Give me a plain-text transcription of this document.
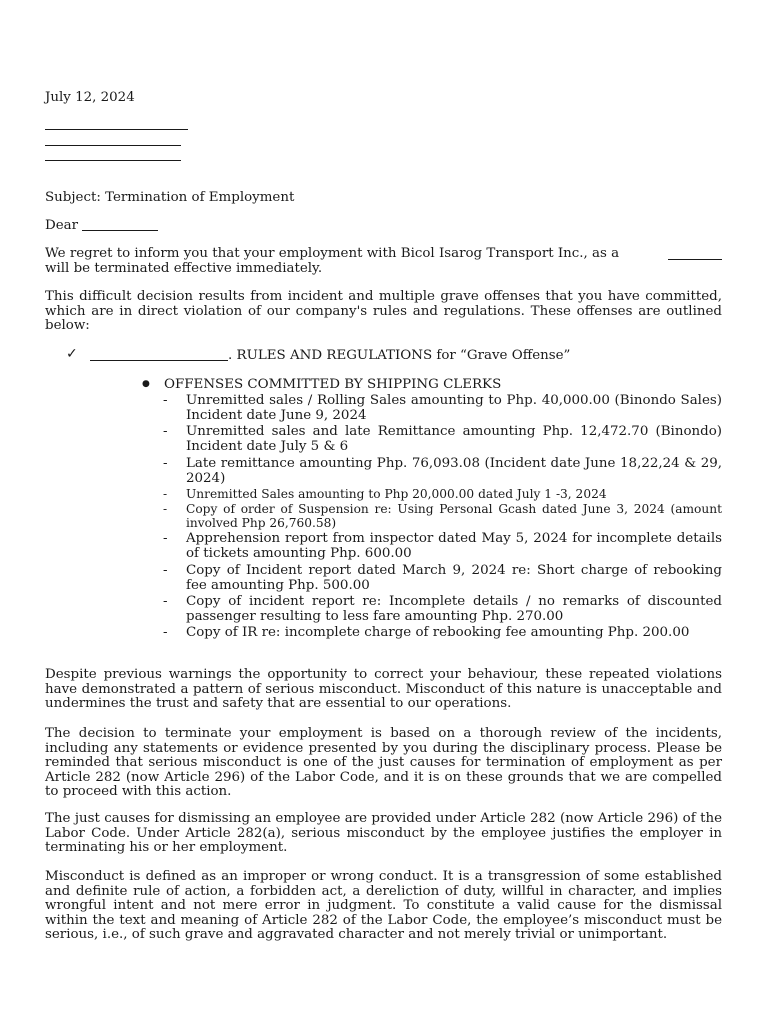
July 12, 2024
Subject: Termination of Employment
Dear
We regret to inform you that your employment with Bicol Isarog Transport Inc., as a
will be terminated effective immediately.
This difficult decision results from incident and multiple grave offenses that you have committed, which are in direct violation of our company's rules and regulations. These offenses are outlined below:
✓	. RULES AND REGULATIONS for “Grave Offense”
● OFFENSES COMMITTED BY SHIPPING CLERKS
- Unremitted sales / Rolling Sales amounting to Php. 40,000.00 (Binondo Sales) Incident date June 9, 2024
- Unremitted sales and late Remittance amounting Php. 12,472.70 (Binondo) Incident date July 5 & 6
- Late remittance amounting Php. 76,093.08 (Incident date June 18,22,24 & 29, 2024)
- Unremitted Sales amounting to Php 20,000.00 dated July 1 -3, 2024
- Copy of order of Suspension re: Using Personal Gcash dated June 3, 2024 (amount involved Php 26,760.58)
- Apprehension report from inspector dated May 5, 2024 for incomplete details of tickets amounting Php. 600.00
- Copy of Incident report dated March 9, 2024 re: Short charge of rebooking fee amounting Php. 500.00
- Copy of incident report re: Incomplete details / no remarks of discounted passenger resulting to less fare amounting Php. 270.00
- Copy of IR re: incomplete charge of rebooking fee amounting Php. 200.00
Despite previous warnings the opportunity to correct your behaviour, these repeated violations have demonstrated a pattern of serious misconduct. Misconduct of this nature is unacceptable and undermines the trust and safety that are essential to our operations.
The decision to terminate your employment is based on a thorough review of the incidents, including any statements or evidence presented by you during the disciplinary process. Please be reminded that serious misconduct is one of the just causes for termination of employment as per Article 282 (now Article 296) of the Labor Code, and it is on these grounds that we are compelled to proceed with this action.
The just causes for dismissing an employee are provided under Article 282 (now Article 296) of the Labor Code. Under Article 282(a), serious misconduct by the employee justifies the employer in terminating his or her employment.
Misconduct is defined as an improper or wrong conduct. It is a transgression of some established and definite rule of action, a forbidden act, a dereliction of duty, willful in character, and implies wrongful intent and not mere error in judgment. To constitute a valid cause for the dismissal within the text and meaning of Article 282 of the Labor Code, the employee’s misconduct must be serious, i.e., of such grave and aggravated character and not merely trivial or unimportant.
